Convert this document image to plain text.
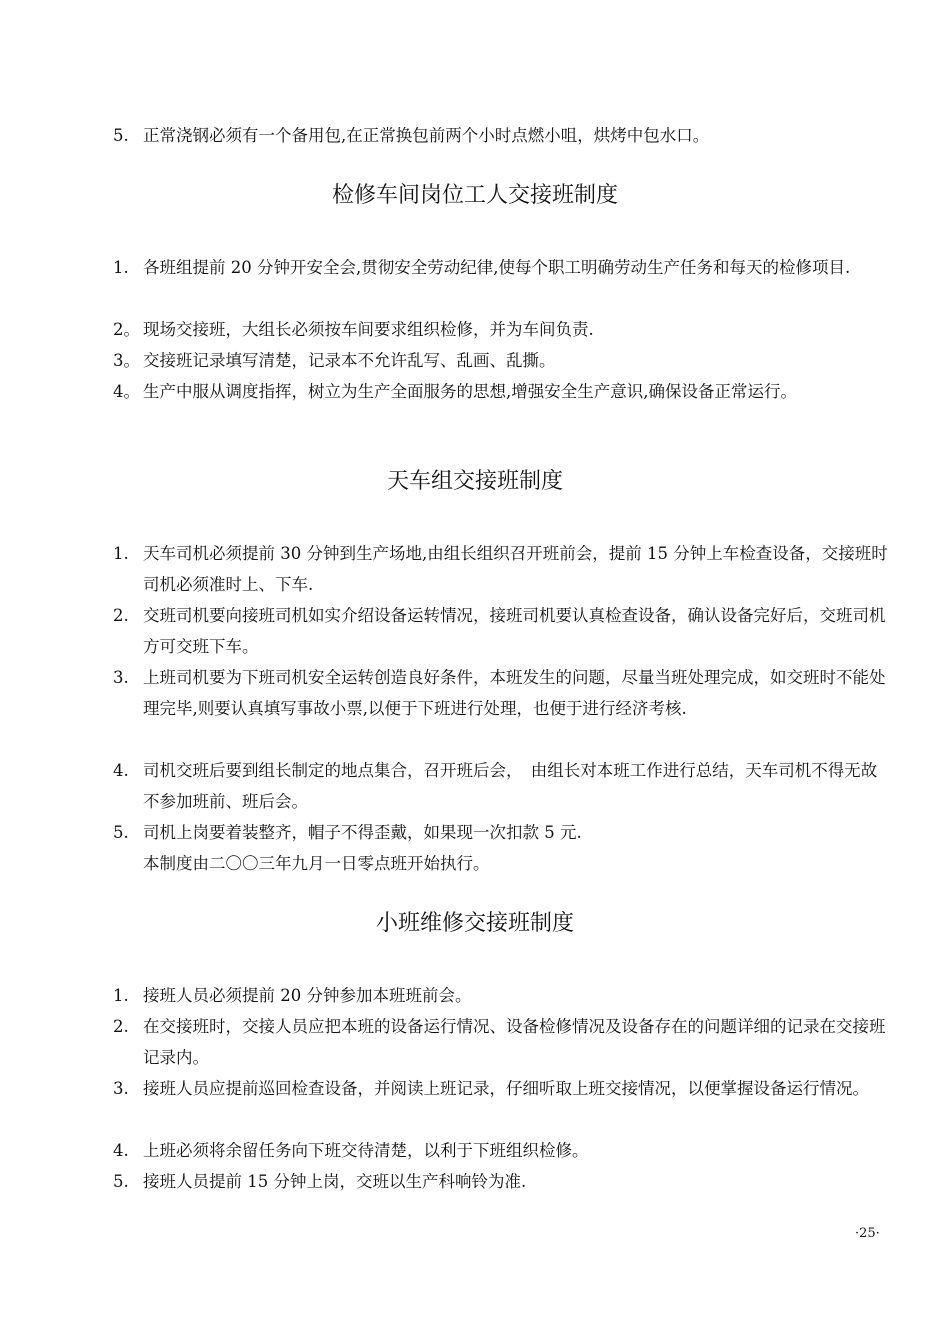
5. 正常浇钢必须有一个备用包,在正常换包前两个小时点燃小咀，烘烤中包水口。
检修车间岗位工人交接班制度
1. 各班组提前 20 分钟开安全会,贯彻安全劳动纪律,使每个职工明确劳动生产任务和每天的检修项目.
2。 现场交接班，大组长必须按车间要求组织检修，并为车间负责.
3。 交接班记录填写清楚，记录本不允许乱写、乱画、乱撕。
4。 生产中服从调度指挥，树立为生产全面服务的思想,增强安全生产意识,确保设备正常运行。
天车组交接班制度
1. 天车司机必须提前 30 分钟到生产场地,由组长组织召开班前会，提前 15 分钟上车检查设备，交接班时司机必须准时上、下车.
2. 交班司机要向接班司机如实介绍设备运转情况，接班司机要认真检查设备，确认设备完好后，交班司机方可交班下车。
3. 上班司机要为下班司机安全运转创造良好条件，本班发生的问题，尽量当班处理完成，如交班时不能处理完毕,则要认真填写事故小票,以便于下班进行处理，也便于进行经济考核.
4. 司机交班后要到组长制定的地点集合，召开班后会，　由组长对本班工作进行总结，天车司机不得无故不参加班前、班后会。
5. 司机上岗要着装整齐，帽子不得歪戴，如果现一次扣款 5 元.
本制度由二〇〇三年九月一日零点班开始执行。
小班维修交接班制度
1. 接班人员必须提前 20 分钟参加本班班前会。
2. 在交接班时，交接人员应把本班的设备运行情况、设备检修情况及设备存在的问题详细的记录在交接班记录内。
3. 接班人员应提前巡回检查设备，并阅读上班记录，仔细听取上班交接情况，以便掌握设备运行情况。
4. 上班必须将余留任务向下班交待清楚，以利于下班组织检修。
5. 接班人员提前 15 分钟上岗，交班以生产科响铃为准.
·25·
